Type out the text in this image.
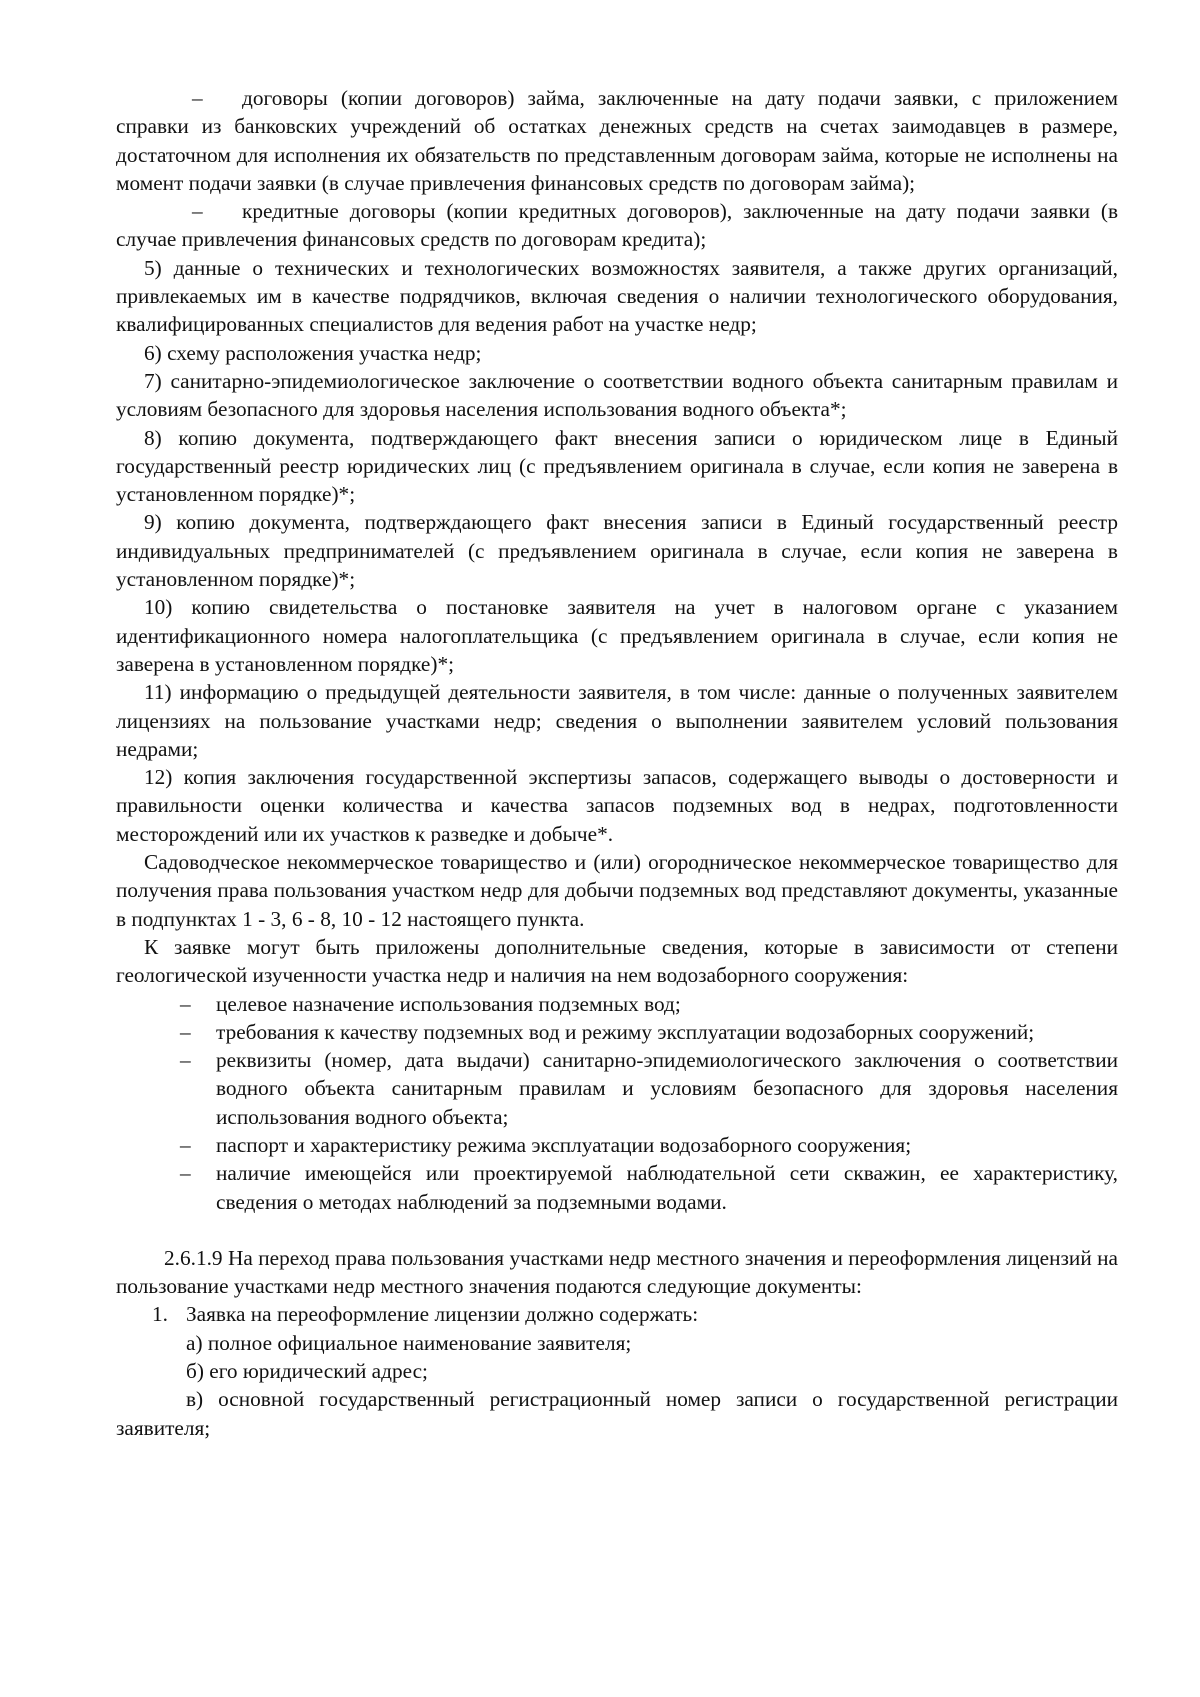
– договоры (копии договоров) займа, заключенные на дату подачи заявки, с приложением справки из банковских учреждений об остатках денежных средств на счетах заимодавцев в размере, достаточном для исполнения их обязательств по представленным договорам займа, которые не исполнены на момент подачи заявки (в случае привлечения финансовых средств по договорам займа);

– кредитные договоры (копии кредитных договоров), заключенные на дату подачи заявки (в случае привлечения финансовых средств по договорам кредита);

5) данные о технических и технологических возможностях заявителя, а также других организаций, привлекаемых им в качестве подрядчиков, включая сведения о наличии технологического оборудования, квалифицированных специалистов для ведения работ на участке недр;

6) схему расположения участка недр;

7) санитарно-эпидемиологическое заключение о соответствии водного объекта санитарным правилам и условиям безопасного для здоровья населения использования водного объекта*;

8) копию документа, подтверждающего факт внесения записи о юридическом лице в Единый государственный реестр юридических лиц (с предъявлением оригинала в случае, если копия не заверена в установленном порядке)*;

9) копию документа, подтверждающего факт внесения записи в Единый государственный реестр индивидуальных предпринимателей (с предъявлением оригинала в случае, если копия не заверена в установленном порядке)*;

10) копию свидетельства о постановке заявителя на учет в налоговом органе с указанием идентификационного номера налогоплательщика (с предъявлением оригинала в случае, если копия не заверена в установленном порядке)*;

11) информацию о предыдущей деятельности заявителя, в том числе: данные о полученных заявителем лицензиях на пользование участками недр; сведения о выполнении заявителем условий пользования недрами;

12) копия заключения государственной экспертизы запасов, содержащего выводы о достоверности и правильности оценки количества и качества запасов подземных вод в недрах, подготовленности месторождений или их участков к разведке и добыче*.

Садоводческое некоммерческое товарищество и (или) огородническое некоммерческое товарищество для получения права пользования участком недр для добычи подземных вод представляют документы, указанные в подпунктах 1 - 3, 6 - 8, 10 - 12 настоящего пункта.

К заявке могут быть приложены дополнительные сведения, которые в зависимости от степени геологической изученности участка недр и наличия на нем водозаборного сооружения:

– целевое назначение использования подземных вод;

– требования к качеству подземных вод и режиму эксплуатации водозаборных сооружений;

– реквизиты (номер, дата выдачи) санитарно-эпидемиологического заключения о соответствии водного объекта санитарным правилам и условиям безопасного для здоровья населения использования водного объекта;

– паспорт и характеристику режима эксплуатации водозаборного сооружения;

– наличие имеющейся или проектируемой наблюдательной сети скважин, ее характеристику, сведения о методах наблюдений за подземными водами.

2.6.1.9 На переход права пользования участками недр местного значения и переоформления лицензий на пользование участками недр местного значения подаются следующие документы:

1. Заявка на переоформление лицензии должно содержать:

а) полное официальное наименование заявителя;

б) его юридический адрес;

в) основной государственный регистрационный номер записи о государственной регистрации заявителя;
